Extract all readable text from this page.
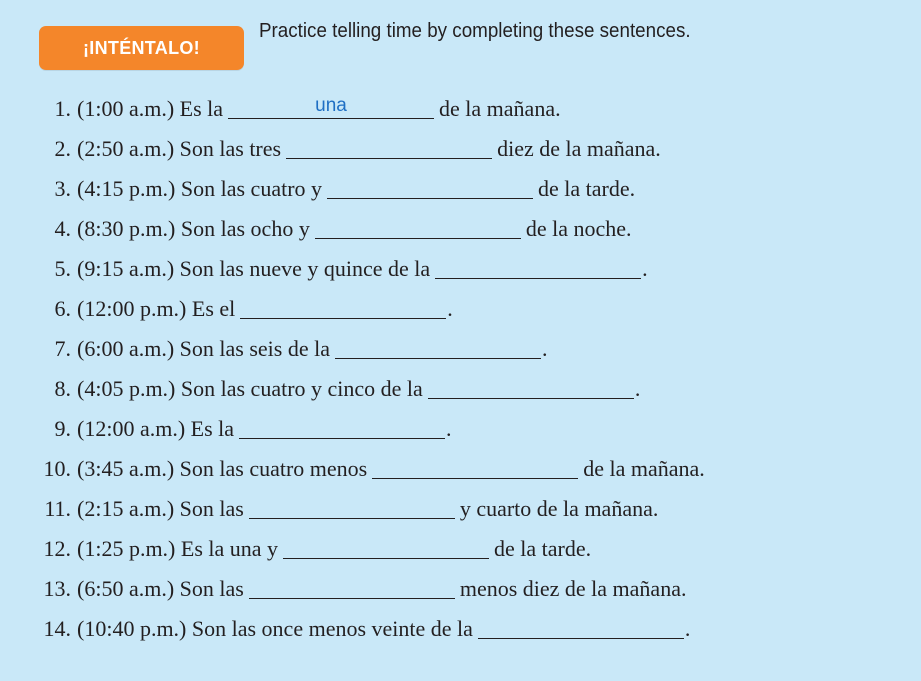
¡INTÉNTALO!
Practice telling time by completing these sentences.
1. (1:00 a.m.) Es la	una	de la mañana.
2. (2:50 a.m.) Son las tres	diez de la mañana.
3. (4:15 p.m.) Son las cuatro y	de la tarde.
4. (8:30 p.m.) Son las ocho y	de la noche.
5. (9:15 a.m.) Son las nueve y quince de la	.
6. (12:00 p.m.) Es el	.
7. (6:00 a.m.) Son las seis de la	.
8. (4:05 p.m.) Son las cuatro y cinco de la	.
9. (12:00 a.m.) Es la	.
10. (3:45 a.m.) Son las cuatro menos	de la mañana.
11. (2:15 a.m.) Son las	y cuarto de la mañana.
12. (1:25 p.m.) Es la una y	de la tarde.
13. (6:50 a.m.) Son las	menos diez de la mañana.
14. (10:40 p.m.) Son las once menos veinte de la	.
